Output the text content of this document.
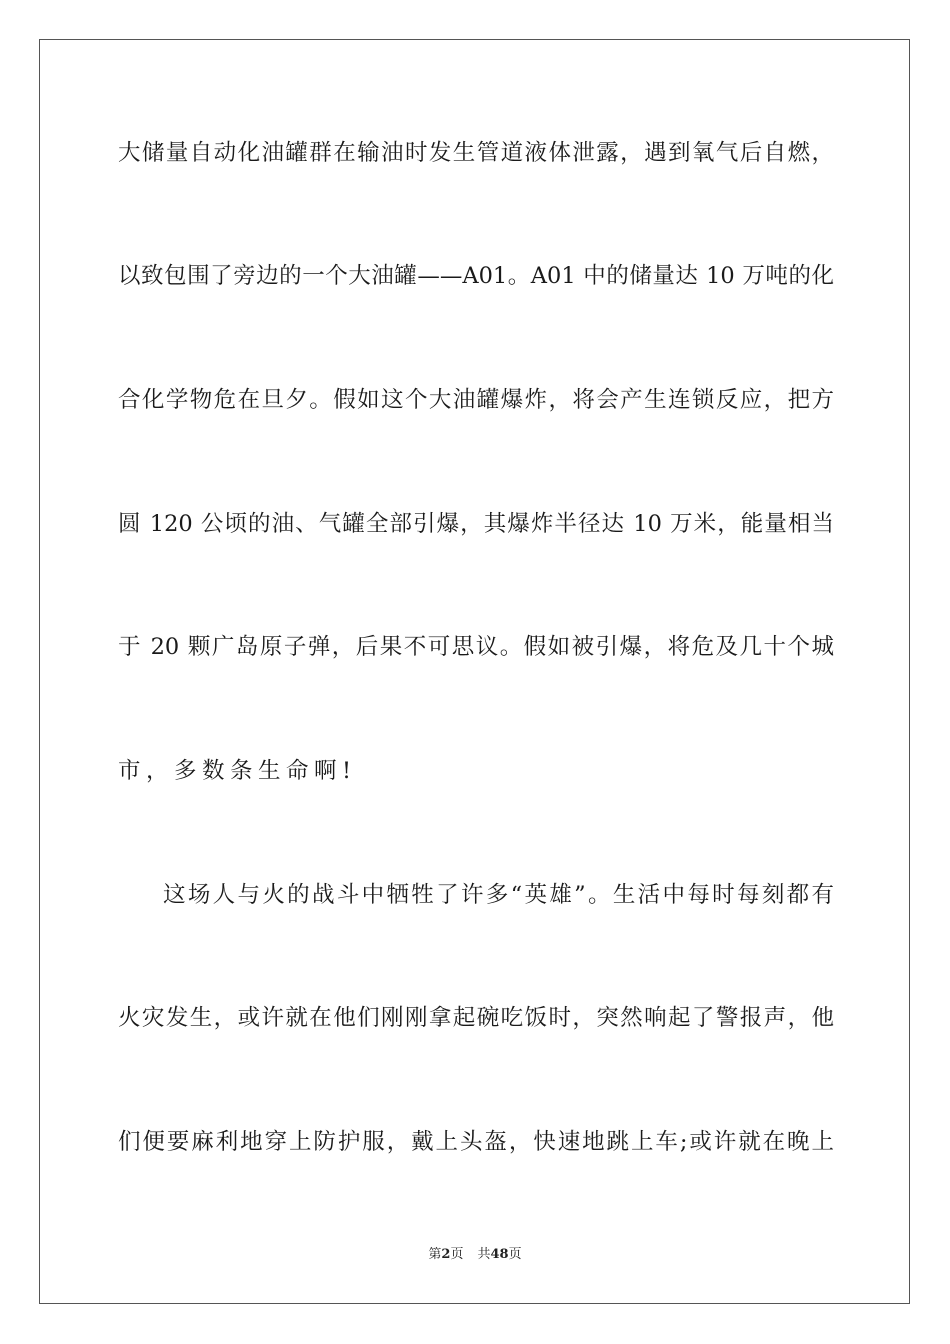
大储量自动化油罐群在输油时发生管道液体泄露，遇到氧气后自燃，
以致包围了旁边的一个大油罐——A01。A01 中的储量达 10 万吨的化
合化学物危在旦夕。假如这个大油罐爆炸，将会产生连锁反应，把方
圆 120 公顷的油、气罐全部引爆，其爆炸半径达 10 万米，能量相当
于 20 颗广岛原子弹，后果不可思议。假如被引爆，将危及几十个城
市，多数条生命啊!
这场人与火的战斗中牺牲了许多“英雄”。生活中每时每刻都有
火灾发生，或许就在他们刚刚拿起碗吃饭时，突然响起了警报声，他
们便要麻利地穿上防护服，戴上头盔，快速地跳上车;或许就在晚上
第2页 共48页
